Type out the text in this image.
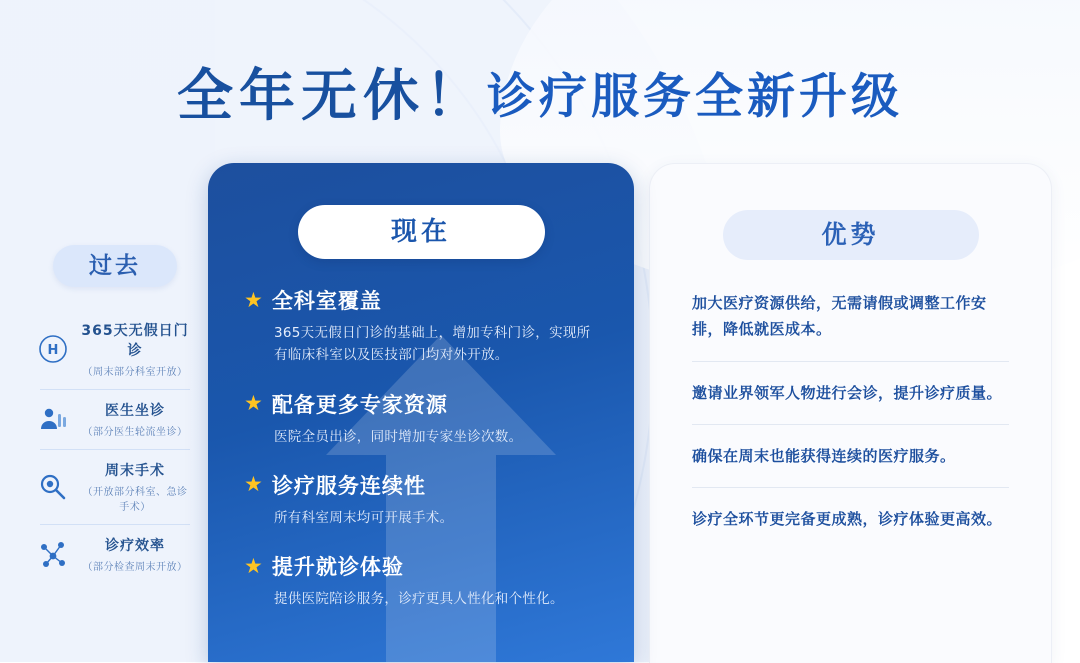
全年无休！诊疗服务全新升级
过去
H
365天无假日门诊
（周末部分科室开放）
医生坐诊
（部分医生轮流坐诊）
周末手术
（开放部分科室、急诊手术）
诊疗效率
（部分检查周末开放）
现在
★ 全科室覆盖
365天无假日门诊的基础上，增加专科门诊，实现所有临床科室以及医技部门均对外开放。
★ 配备更多专家资源
医院全员出诊，同时增加专家坐诊次数。
★ 诊疗服务连续性
所有科室周末均可开展手术。
★ 提升就诊体验
提供医院陪诊服务，诊疗更具人性化和个性化。
优势
加大医疗资源供给，无需请假或调整工作安排，降低就医成本。
邀请业界领军人物进行会诊，提升诊疗质量。
确保在周末也能获得连续的医疗服务。
诊疗全环节更完备更成熟，诊疗体验更高效。
